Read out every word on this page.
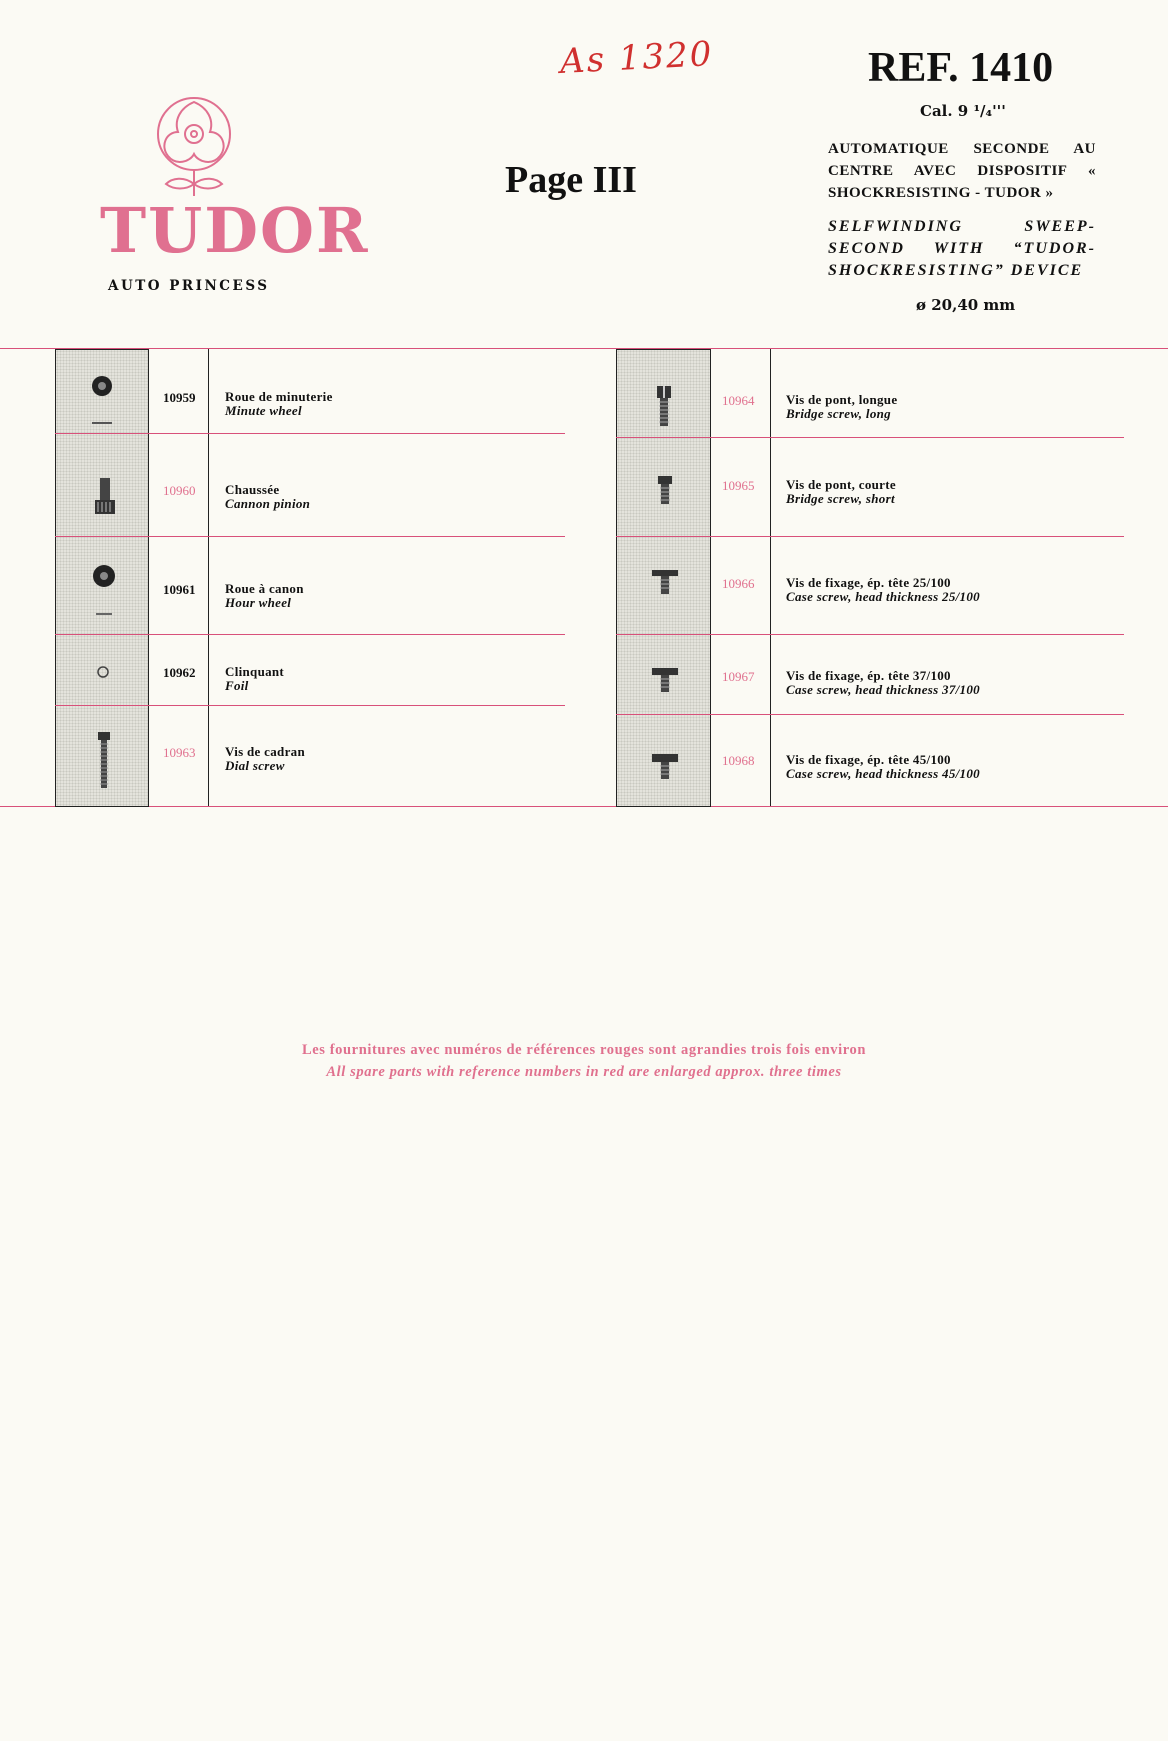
As 1320
TUDOR
AUTO PRINCESS
Page III
REF. 1410
Cal. 9 ¹/₄'''
AUTOMATIQUE SECONDE AU CENTRE AVEC DISPOSITIF « SHOCKRESISTING - TUDOR »
SELFWINDING SWEEP-SECOND WITH “TUDOR-SHOCKRESISTING” DEVICE
ø 20,40 mm
10959 Roue de minuterie
Minute wheel
10960 Chaussée
Cannon pinion
10961 Roue à canon
Hour wheel
10962 Clinquant
Foil
10963 Vis de cadran
Dial screw
10964 Vis de pont, longue
Bridge screw, long
10965 Vis de pont, courte
Bridge screw, short
10966 Vis de fixage, ép. tête 25/100
Case screw, head thickness 25/100
10967 Vis de fixage, ép. tête 37/100
Case screw, head thickness 37/100
10968 Vis de fixage, ép. tête 45/100
Case screw, head thickness 45/100
Les fournitures avec numéros de références rouges sont agrandies trois fois environ
All spare parts with reference numbers in red are enlarged approx. three times
